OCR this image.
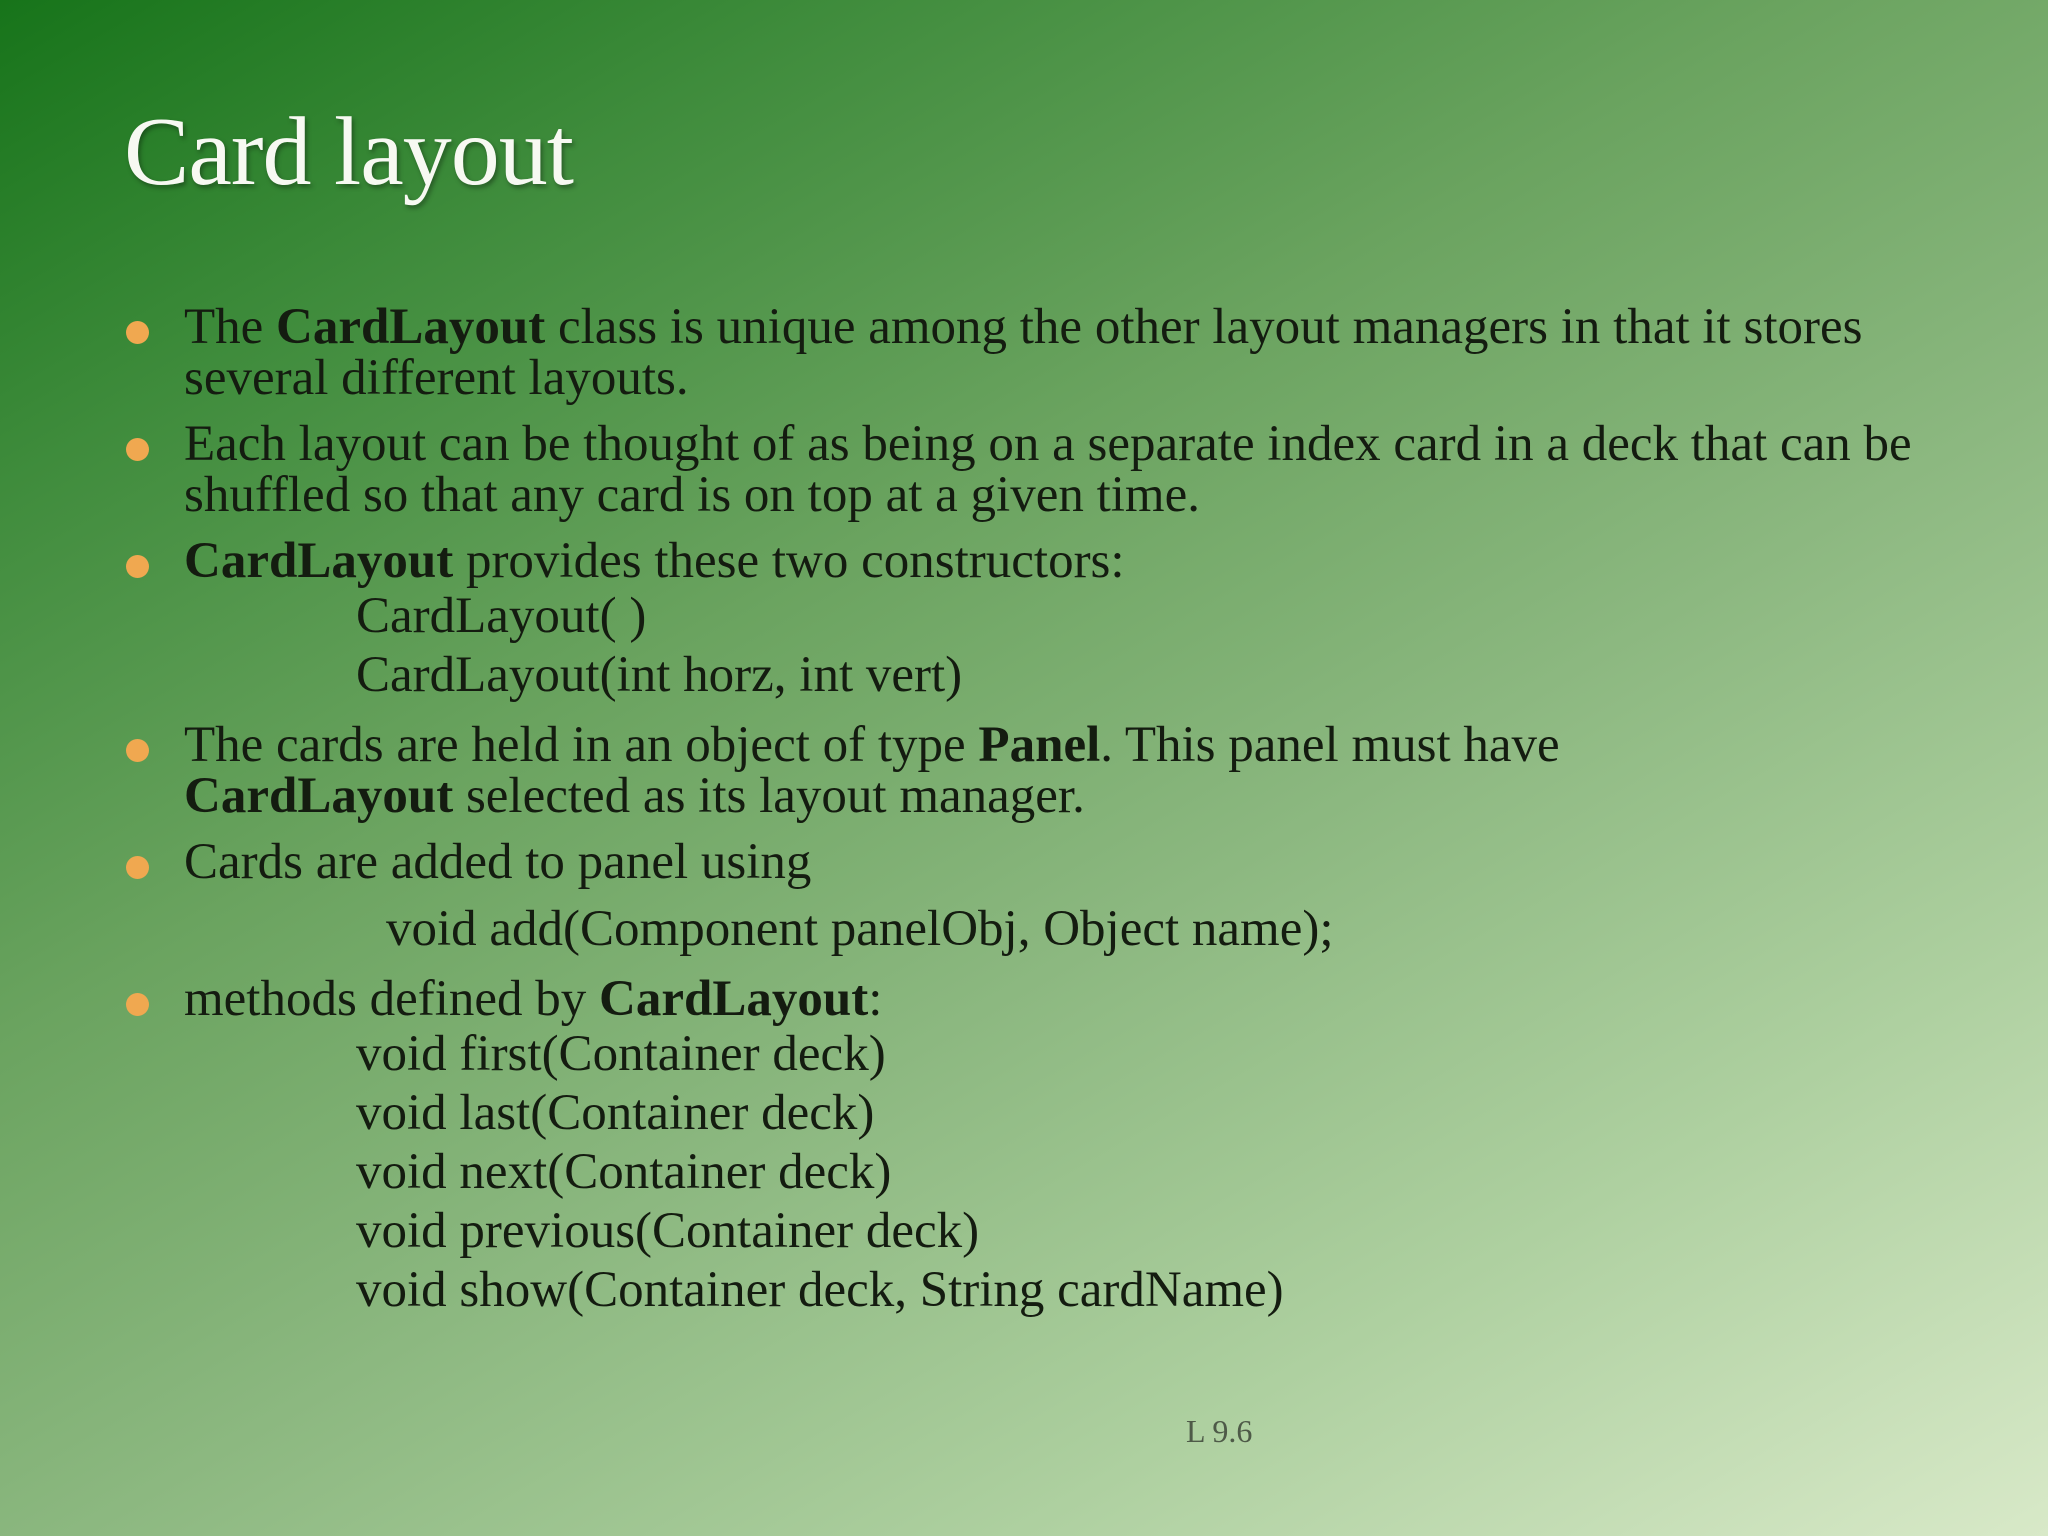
Card layout
The CardLayout class is unique among the other layout managers in that it stores several different layouts.
Each layout can be thought of as being on a separate index card in a deck that can be shuffled so that any card is on top at a given time.
CardLayout provides these two constructors:
CardLayout( )
CardLayout(int horz, int vert)
The cards are held in an object of type Panel. This panel must have
CardLayout selected as its layout manager.
Cards are added to panel using
void add(Component panelObj, Object name);
methods defined by CardLayout:
void first(Container deck)
void last(Container deck)
void next(Container deck)
void previous(Container deck)
void show(Container deck, String cardName)
L 9.6
